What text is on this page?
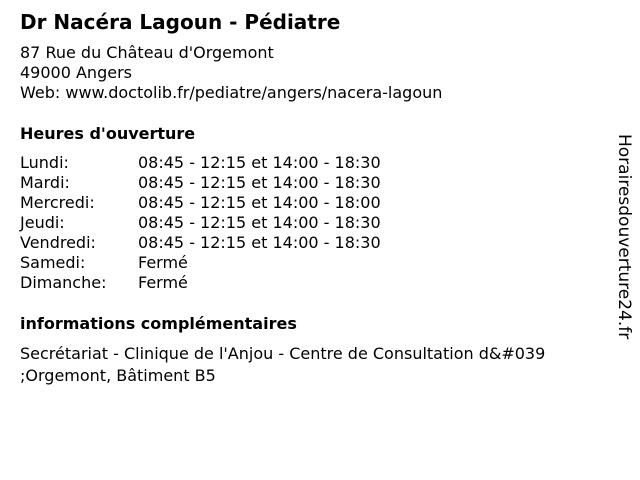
Dr Nacéra Lagoun - Pédiatre
87 Rue du Château d'Orgemont
49000 Angers
Web: www.doctolib.fr/pediatre/angers/nacera-lagoun
Heures d'ouverture
Lundi:	08:45 - 12:15 et 14:00 - 18:30
Mardi:	08:45 - 12:15 et 14:00 - 18:30
Mercredi:	08:45 - 12:15 et 14:00 - 18:00
Jeudi:	08:45 - 12:15 et 14:00 - 18:30
Vendredi:	08:45 - 12:15 et 14:00 - 18:30
Samedi:	Fermé
Dimanche: Fermé
informations complémentaires
Secrétariat - Clinique de l'Anjou - Centre de Consultation d&#039 ;Orgemont, Bâtiment B5
Horairesdouverture24.fr
